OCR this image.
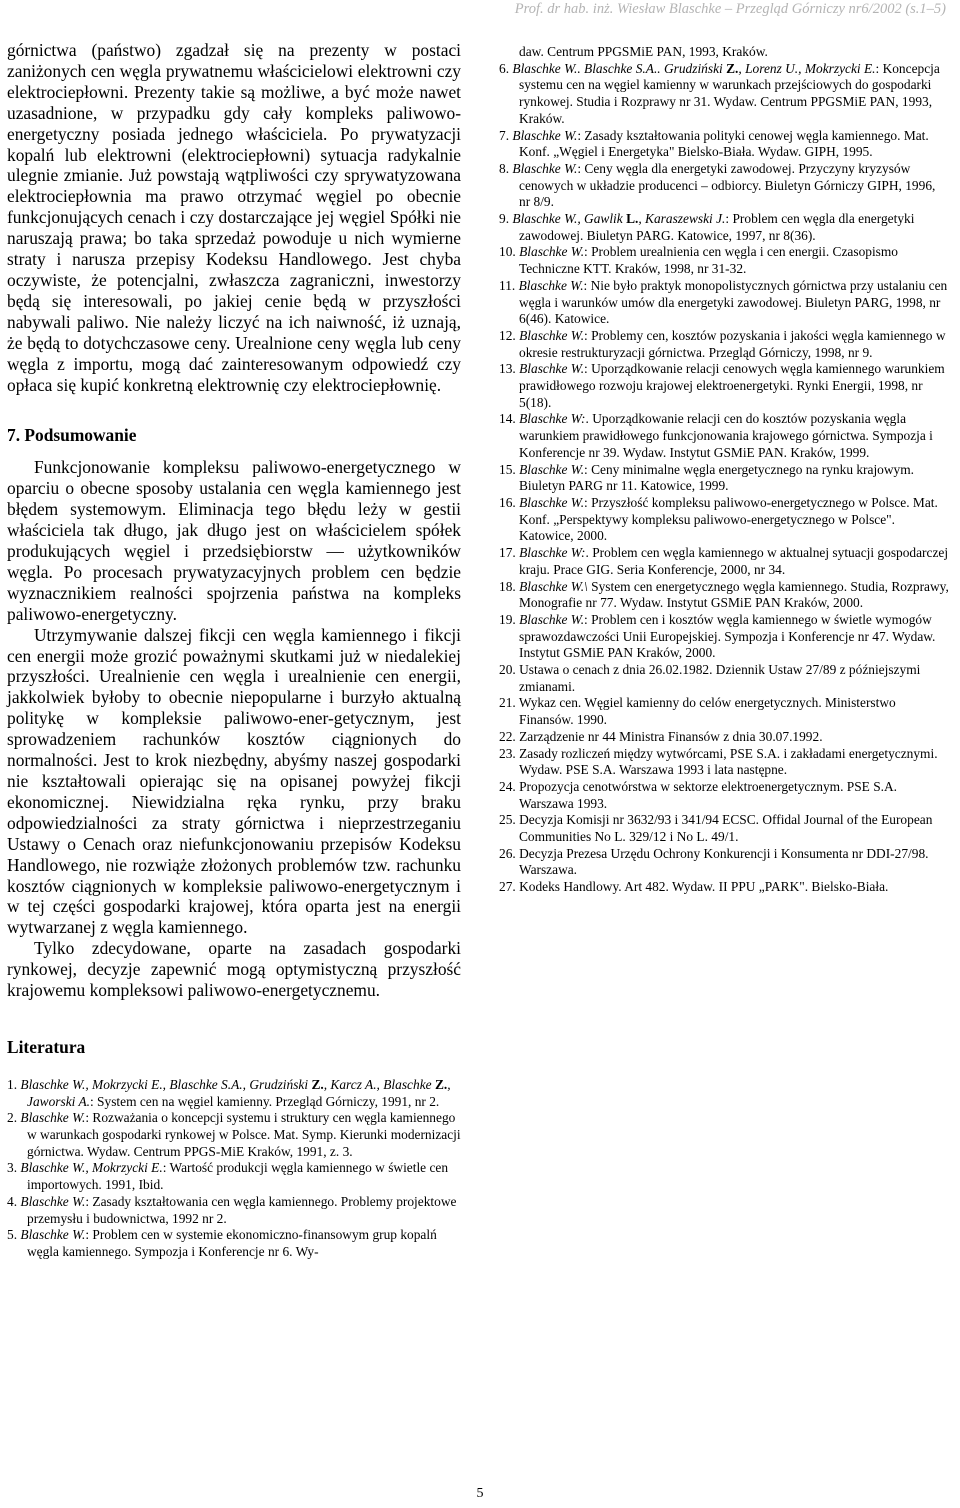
Prof. dr hab. inż. Wiesław Blaschke – Przegląd Górniczy nr6/2002 (s.1–5)

górnictwa (państwo) zgadzał się na prezenty w postaci zaniżonych cen węgla prywatnemu właścicielowi elektrowni czy elektrociepłowni. Prezenty takie są możliwe, a być może nawet uzasadnione, w przypadku gdy cały kompleks paliwowo-energetyczny posiada jednego właściciela. Po prywatyzacji kopalń lub elektrowni (elektrociepłowni) sytuacja radykalnie ulegnie zmianie. Już powstają wątpliwości czy sprywatyzowana elektrociepłownia ma prawo otrzymać węgiel po obecnie funkcjonujących cenach i czy dostarczające jej węgiel Spółki nie naruszają prawa; bo taka sprzedaż powoduje u nich wymierne straty i narusza przepisy Kodeksu Handlowego. Jest chyba oczywiste, że potencjalni, zwłaszcza zagraniczni, inwestorzy będą się interesowali, po jakiej cenie będą w przyszłości nabywali paliwo. Nie należy liczyć na ich naiwność, iż uznają, że będą to dotychczasowe ceny. Urealnione ceny węgla lub ceny węgla z importu, mogą dać zainteresowanym odpowiedź czy opłaca się kupić konkretną elektrownię czy elektrociepłownię.

7. Podsumowanie

Funkcjonowanie kompleksu paliwowo-energetycznego w oparciu o obecne sposoby ustalania cen węgla kamiennego jest błędem systemowym. Eliminacja tego błędu leży w gestii właściciela tak długo, jak długo jest on właścicielem spółek produkujących węgiel i przedsiębiorstw — użytkowników węgla. Po procesach prywatyzacyjnych problem cen będzie wyznacznikiem realności spojrzenia państwa na kompleks paliwowo-energetyczny.

Utrzymywanie dalszej fikcji cen węgla kamiennego i fikcji cen energii może grozić poważnymi skutkami już w niedalekiej przyszłości. Urealnienie cen węgla i urealnienie cen energii, jakkolwiek byłoby to obecnie niepopularne i burzyło aktualną politykę w kompleksie paliwowo-ener-getycznym, jest sprowadzeniem rachunków kosztów ciągnionych do normalności. Jest to krok niezbędny, abyśmy naszej gospodarki nie kształtowali opierając się na opisanej powyżej fikcji ekonomicznej. Niewidzialna ręka rynku, przy braku odpowiedzialności za straty górnictwa i nieprzestrzeganiu Ustawy o Cenach oraz niefunkcjonowaniu przepisów Kodeksu Handlowego, nie rozwiąże złożonych problemów tzw. rachunku kosztów ciągnionych w kompleksie paliwowo-energetycznym i w tej części gospodarki krajowej, która oparta jest na energii wytwarzanej z węgla kamiennego.

Tylko zdecydowane, oparte na zasadach gospodarki rynkowej, decyzje zapewnić mogą optymistyczną przyszłość krajowemu kompleksowi paliwowo-energetycznemu.

Literatura

1. Blaschke W., Mokrzycki E., Blaschke S.A., Grudziński Z., Karcz A., Blaschke Z., Jaworski A.: System cen na węgiel kamienny. Przegląd Górniczy, 1991, nr 2.

2. Blaschke W.: Rozważania o koncepcji systemu i struktury cen węgla kamiennego w warunkach gospodarki rynkowej w Polsce. Mat. Symp. Kierunki modernizacji górnictwa. Wydaw. Centrum PPGS-MiE Kraków, 1991, z. 3.

3. Blaschke W., Mokrzycki E.: Wartość produkcji węgla kamiennego w świetle cen importowych. 1991, Ibid.

4. Blaschke W.: Zasady kształtowania cen węgla kamiennego. Problemy projektowe przemysłu i budownictwa, 1992 nr 2.

5. Blaschke W.: Problem cen w systemie ekonomiczno-finansowym grup kopalń węgla kamiennego. Sympozja i Konferencje nr 6. Wy-

daw. Centrum PPGSMiE PAN, 1993, Kraków.

6. Blaschke W.. Blaschke S.A.. Grudziński Z., Lorenz U., Mokrzycki E.: Koncepcja systemu cen na węgiel kamienny w warunkach przejściowych do gospodarki rynkowej. Studia i Rozprawy nr 31. Wydaw. Centrum PPGSMiE PAN, 1993, Kraków.

7. Blaschke W.: Zasady kształtowania polityki cenowej węgla kamiennego. Mat. Konf. „Węgiel i Energetyka" Bielsko-Biała. Wydaw. GIPH, 1995.

8. Blaschke W.: Ceny węgla dla energetyki zawodowej. Przyczyny kryzysów cenowych w układzie producenci – odbiorcy. Biuletyn Górniczy GIPH, 1996, nr 8/9.

9. Blaschke W., Gawlik L., Karaszewski J.: Problem cen węgla dla energetyki zawodowej. Biuletyn PARG. Katowice, 1997, nr 8(36).

10. Blaschke W.: Problem urealnienia cen węgla i cen energii. Czasopismo Techniczne KTT. Kraków, 1998, nr 31-32.

11. Blaschke W.: Nie było praktyk monopolistycznych górnictwa przy ustalaniu cen węgla i warunków umów dla energetyki zawodowej. Biuletyn PARG, 1998, nr 6(46). Katowice.

12. Blaschke W.: Problemy cen, kosztów pozyskania i jakości węgla kamiennego w okresie restrukturyzacji górnictwa. Przegląd Górniczy, 1998, nr 9.

13. Blaschke W.: Uporządkowanie relacji cenowych węgla kamiennego warunkiem prawidłowego rozwoju krajowej elektroenergetyki. Rynki Energii, 1998, nr 5(18).

14. Blaschke W:. Uporządkowanie relacji cen do kosztów pozyskania węgla warunkiem prawidłowego funkcjonowania krajowego górnictwa. Sympozja i Konferencje nr 39. Wydaw. Instytut GSMiE PAN. Kraków, 1999.

15. Blaschke W.: Ceny minimalne węgla energetycznego na rynku krajowym. Biuletyn PARG nr 11. Katowice, 1999.

16. Blaschke W.: Przyszłość kompleksu paliwowo-energetycznego w Polsce. Mat. Konf. „Perspektywy kompleksu paliwowo-energetycznego w Polsce". Katowice, 2000.

17. Blaschke W:. Problem cen węgla kamiennego w aktualnej sytuacji gospodarczej kraju. Prace GIG. Seria Konferencje, 2000, nr 34.

18. Blaschke W.\ System cen energetycznego węgla kamiennego. Studia, Rozprawy, Monografie nr 77. Wydaw. Instytut GSMiE PAN Kraków, 2000.

19. Blaschke W.: Problem cen i kosztów węgla kamiennego w świetle wymogów sprawozdawczości Unii Europejskiej. Sympozja i Konferencje nr 47. Wydaw. Instytut GSMiE PAN Kraków, 2000.

20. Ustawa o cenach z dnia 26.02.1982. Dziennik Ustaw 27/89 z późniejszymi zmianami.

21. Wykaz cen. Węgiel kamienny do celów energetycznych. Ministerstwo Finansów. 1990.

22. Zarządzenie nr 44 Ministra Finansów z dnia 30.07.1992.

23. Zasady rozliczeń między wytwórcami, PSE S.A. i zakładami energetycznymi. Wydaw. PSE S.A. Warszawa 1993 i lata następne.

24. Propozycja cenotwórstwa w sektorze elektroenergetycznym. PSE S.A. Warszawa 1993.

25. Decyzja Komisji nr 3632/93 i 341/94 ECSC. Offidal Journal of the European Communities No L. 329/12 i No L. 49/1.

26. Decyzja Prezesa Urzędu Ochrony Konkurencji i Konsumenta nr DDI-27/98. Warszawa.

27. Kodeks Handlowy. Art 482. Wydaw. II PPU „PARK". Bielsko-Biała.

5
